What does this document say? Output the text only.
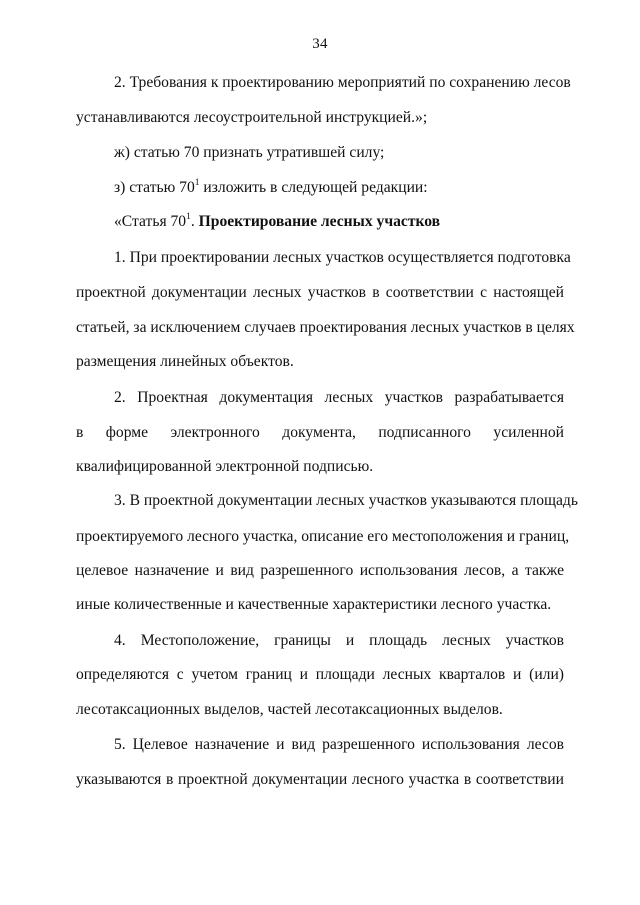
34
2. Требования к проектированию мероприятий по сохранению лесов
устанавливаются лесоустроительной инструкцией.»;
ж) статью 70 признать утратившей силу;
з) статью $70^1$ изложить в следующей редакции:
«Статья $70^1$. Проектирование лесных участков
1. При проектировании лесных участков осуществляется подготовка
проектной документации лесных участков в соответствии с настоящей
статьей, за исключением случаев проектирования лесных участков в целях
размещения линейных объектов.
2. Проектная документация лесных участков разрабатывается
в форме электронного документа, подписанного усиленной
квалифицированной электронной подписью.
3. В проектной документации лесных участков указываются площадь
проектируемого лесного участка, описание его местоположения и границ,
целевое назначение и вид разрешенного использования лесов, а также
иные количественные и качественные характеристики лесного участка.
4. Местоположение, границы и площадь лесных участков
определяются с учетом границ и площади лесных кварталов и (или)
лесотаксационных выделов, частей лесотаксационных выделов.
5. Целевое назначение и вид разрешенного использования лесов
указываются в проектной документации лесного участка в соответствии
